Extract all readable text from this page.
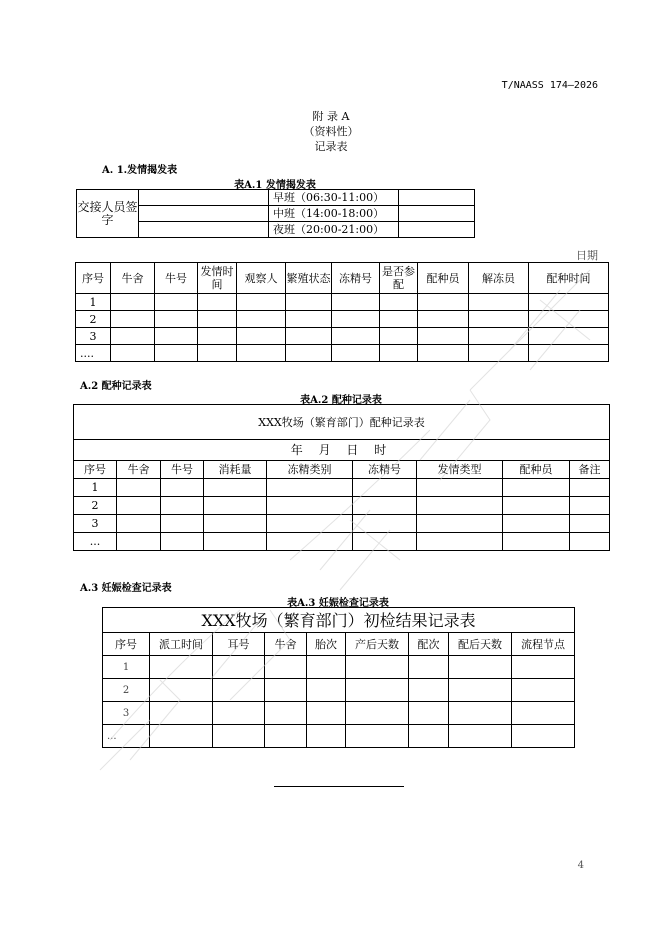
T/NAASS 174—2026
附 录 A
（资料性）
记录表
A. 1.发情揭发表
表A.1 发情揭发表
交接人员签字		早班（06:30-11:00）	
		中班（14:00-18:00）	
		夜班（20:00-21:00）	
日期
序号	牛舍	牛号	发情时间	观察人	繁殖状态	冻精号	是否参配	配种员	解冻员	配种时间
1										
2										
3										
....										
A.2 配种记录表
表A.2 配种记录表
XXX牧场（繁育部门）配种记录表								
年 月 日 时								
序号	牛舍	牛号	消耗量	冻精类别	冻精号	发情类型	配种员	备注
1								
2								
3								
...								
A.3 妊娠检查记录表
表A.3 妊娠检查记录表
XXX牧场（繁育部门）初检结果记录表								
序号	派工时间	耳号	牛舍	胎次	产后天数	配次	配后天数	流程节点
1								
2								
3								
...								
4
